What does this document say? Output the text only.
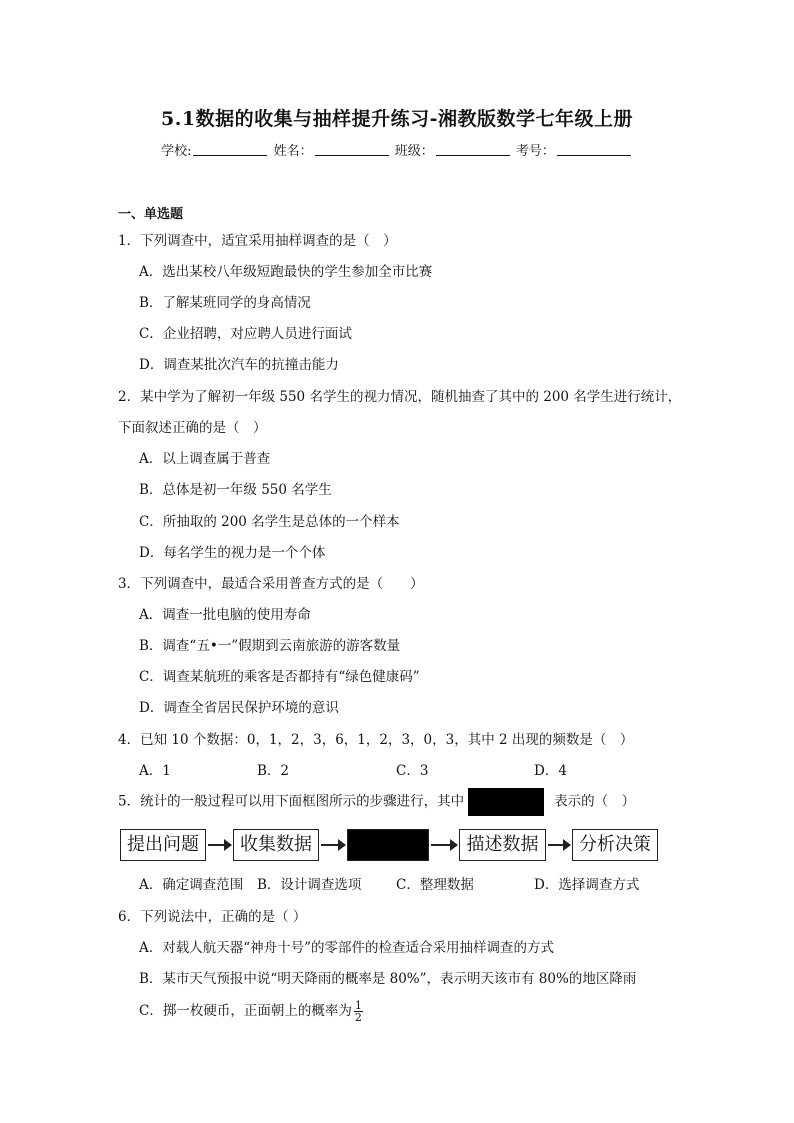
5.1数据的收集与抽样提升练习-湘教版数学七年级上册
学校:	姓名：	班级：	考号：
一、单选题
1．下列调查中，适宜采用抽样调查的是（　）
A．选出某校八年级短跑最快的学生参加全市比赛
B．了解某班同学的身高情况
C．企业招聘，对应聘人员进行面试
D．调查某批次汽车的抗撞击能力
2．某中学为了解初一年级 550 名学生的视力情况，随机抽查了其中的 200 名学生进行统计，
下面叙述正确的是（　）
A．以上调查属于普查
B．总体是初一年级 550 名学生
C．所抽取的 200 名学生是总体的一个样本
D．每名学生的视力是一个个体
3．下列调查中，最适合采用普查方式的是（　　）
A．调查一批电脑的使用寿命
B．调查“五•一”假期到云南旅游的游客数量
C．调查某航班的乘客是否都持有“绿色健康码”
D．调查全省居民保护环境的意识
4．已知 10 个数据：0，1，2，3，6，1，2，3，0，3，其中 2 出现的频数是（　）
A．1	B．2	C．3	D．4
5．统计的一般过程可以用下面框图所示的步骤进行，其中	表示的（　）
提出问题	收集数据	描述数据	分析决策
A．确定调查范围 B．设计调查选项	C．整理数据	D．选择调查方式
6．下列说法中，正确的是（ ）
A．对载人航天器“神舟十号”的零部件的检查适合采用抽样调查的方式
B．某市天气预报中说“明天降雨的概率是 80%”，表示明天该市有 80%的地区降雨
C．掷一枚硬币，正面朝上的概率为 $\frac{1}{2}$
